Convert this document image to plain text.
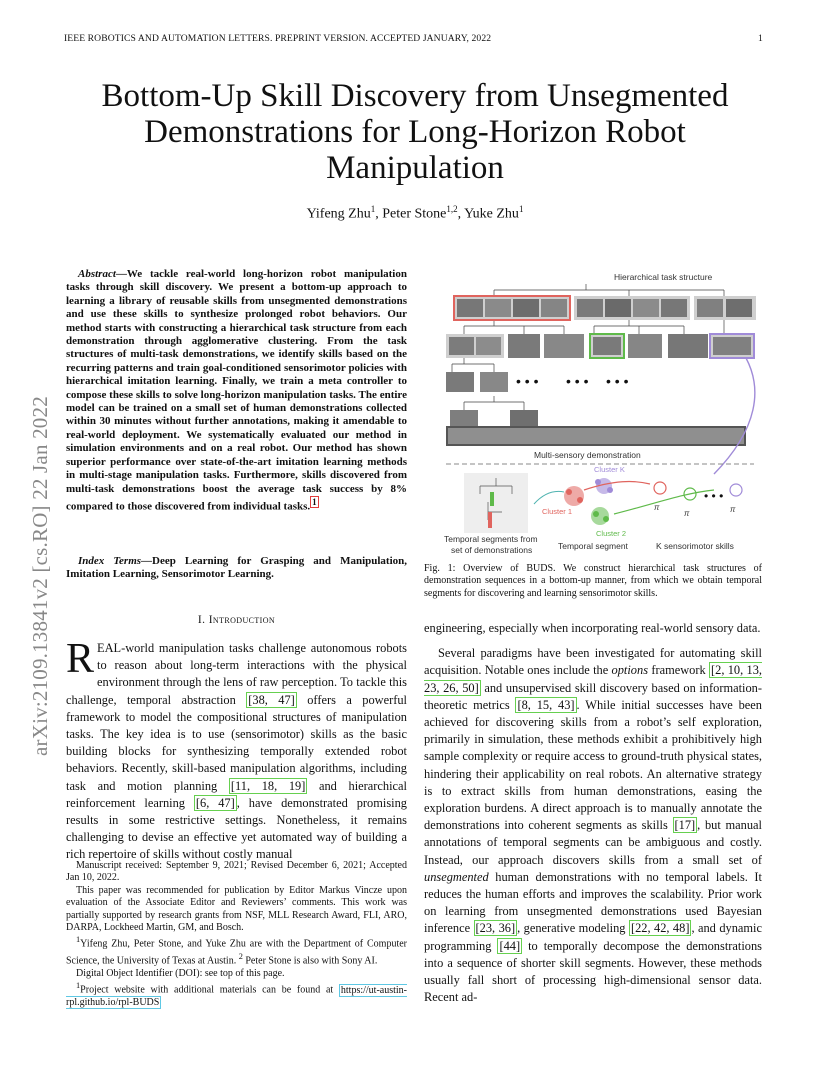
IEEE ROBOTICS AND AUTOMATION LETTERS. PREPRINT VERSION. ACCEPTED JANUARY, 2022	1
arXiv:2109.13841v2 [cs.RO] 22 Jan 2022
Bottom-Up Skill Discovery from Unsegmented Demonstrations for Long-Horizon Robot Manipulation
Yifeng Zhu$^1$, Peter Stone$^{1,2}$, Yuke Zhu$^1$
Abstract—We tackle real-world long-horizon robot manipulation tasks through skill discovery. We present a bottom-up approach to learning a library of reusable skills from unsegmented demonstrations and use these skills to synthesize prolonged robot behaviors. Our method starts with constructing a hierarchical task structure from each demonstration through agglomerative clustering. From the task structures of multi-task demonstrations, we identify skills based on the recurring patterns and train goal-conditioned sensorimotor policies with hierarchical imitation learning. Finally, we train a meta controller to compose these skills to solve long-horizon manipulation tasks. The entire model can be trained on a small set of human demonstrations collected within 30 minutes without further annotations, making it amendable to real-world deployment. We systematically evaluated our method in simulation environments and on a real robot. Our method has shown superior performance over state-of-the-art imitation learning methods in multi-stage manipulation tasks. Furthermore, skills discovered from multi-task demonstrations boost the average task success by 8% compared to those discovered from individual tasks. $^1$
Index Terms—Deep Learning for Grasping and Manipulation, Imitation Learning, Sensorimotor Learning.
I. Introduction
REAL-world manipulation tasks challenge autonomous robots to reason about long-term interactions with the physical environment through the lens of raw perception. To tackle this challenge, temporal abstraction [38, 47] offers a powerful framework to model the compositional structures of manipulation tasks. The key idea is to use (sensorimotor) skills as the basic building blocks for synthesizing temporally extended robot behaviors. Recently, skill-based manipulation algorithms, including task and motion planning [11, 18, 19] and hierarchical reinforcement learning [6, 47] , have demonstrated promising results in some restrictive settings. Nonetheless, it remains challenging to devise an effective yet automated way of building a rich repertoire of skills without costly manual

Manuscript received: September 9, 2021; Revised December 6, 2021; Accepted Jan 10, 2022.

This paper was recommended for publication by Editor Markus Vincze upon evaluation of the Associate Editor and Reviewers’ comments. This work was partially supported by research grants from NSF, MLL Research Award, FLI, ARO, DARPA, Lockheed Martin, GM, and Bosch.

$^1$Yifeng Zhu, Peter Stone, and Yuke Zhu are with the Department of Computer Science, the University of Texas at Austin. $^2$ Peter Stone is also with Sony AI.

Digital Object Identifier (DOI): see top of this page.

$^1$Project website with additional materials can be found at https://ut-austin-rpl.github.io/rpl-BUDS

Hierarchical task structure
• • • • • • • • •
Multi-sensory demonstration
Temporal segments from
set of demonstrations
Cluster K
Cluster 1
Cluster 2
Temporal segment
π
π
• • •
π
K sensorimotor skills
Fig. 1: Overview of BUDS. We construct hierarchical task structures of demonstration sequences in a bottom-up manner, from which we obtain temporal segments for discovering and learning sensorimotor skills.

engineering, especially when incorporating real-world sensory data.

Several paradigms have been investigated for automating skill acquisition. Notable ones include the options framework [2, 10, 13, 23, 26, 50] and unsupervised skill discovery based on information-theoretic metrics [8, 15, 43] . While initial successes have been achieved for discovering skills from a robot’s self exploration, primarily in simulation, these methods exhibit a prohibitively high sample complexity or require access to ground-truth physical states, hindering their applicability on real robots. An alternative strategy is to extract skills from human demonstrations, easing the exploration burdens. A direct approach is to manually annotate the demonstrations into coherent segments as skills [17] , but manual annotations of temporal segments can be ambiguous and costly. Instead, our approach discovers skills from a small set of unsegmented human demonstrations with no temporal labels. It reduces the human efforts and improves the scalability. Prior work on learning from unsegmented demonstrations used Bayesian inference [23, 36] , generative modeling [22, 42, 48] , and dynamic programming [44] to temporally decompose the demonstrations into a sequence of shorter skill segments. However, these methods usually fall short of processing high-dimensional sensor data. Recent ad-
